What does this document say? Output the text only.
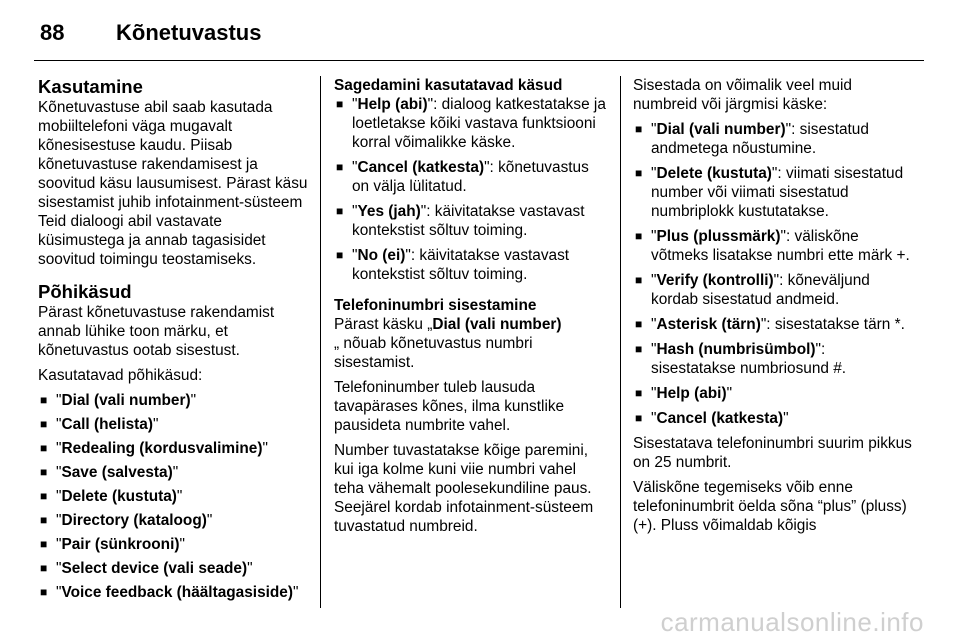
88 Kõnetuvastus
Kasutamine

Kõnetuvastuse abil saab kasutada mobiiltelefoni väga mugavalt kõnesisestuse kaudu. Piisab kõnetuvastuse rakendamisest ja soovitud käsu lausumisest. Pärast käsu sisestamist juhib infotainment-süsteem Teid dialoogi abil vastavate küsimustega ja annab tagasisidet soovitud toimingu teostamiseks.

Põhikäsud

Pärast kõnetuvastuse rakendamist annab lühike toon märku, et kõnetuvastus ootab sisestust.

Kasutatavad põhikäsud:

■ "Dial (vali number)"
■ "Call (helista)"
■ "Redealing (kordusvalimine)"
■ "Save (salvesta)"
■ "Delete (kustuta)"
■ "Directory (kataloog)"
■ "Pair (sünkrooni)"
■ "Select device (vali seade)"
■ "Voice feedback (häältagasiside)"
Sagedamini kasutatavad käsud
■ "Help (abi)": dialoog katkestatakse ja loetletakse kõiki vastava funktsiooni korral võimalikke käske.
■ "Cancel (katkesta)": kõnetuvastus on välja lülitatud.
■ "Yes (jah)": käivitatakse vastavast kontekstist sõltuv toiming.
■ "No (ei)": käivitatakse vastavast kontekstist sõltuv toiming.
Telefoninumbri sisestamine

Pärast käsku „Dial (vali number)
„ nõuab kõnetuvastus numbri sisestamist.

Telefoninumber tuleb lausuda tavapärases kõnes, ilma kunstlike pausideta numbrite vahel.

Number tuvastatakse kõige paremini, kui iga kolme kuni viie numbri vahel teha vähemalt poolesekundiline paus. Seejärel kordab infotainment-süsteem tuvastatud numbreid.

Sisestada on võimalik veel muid numbreid või järgmisi käske:

■ "Dial (vali number)": sisestatud andmetega nõustumine.
■ "Delete (kustuta)": viimati sisestatud number või viimati sisestatud numbriplokk kustutatakse.
■ "Plus (plussmärk)": väliskõne võtmeks lisatakse numbri ette märk +.
■ "Verify (kontrolli)": kõneväljund kordab sisestatud andmeid.
■ "Asterisk (tärn)": sisestatakse tärn *.
■ "Hash (numbrisümbol)": sisestatakse numbriosund #.
■ "Help (abi)"
■ "Cancel (katkesta)"

Sisestatava telefoninumbri suurim pikkus on 25 numbrit.

Väliskõne tegemiseks võib enne telefoninumbrit öelda sõna “plus” (pluss) (+). Pluss võimaldab kõigis

carmanualsonline.info
